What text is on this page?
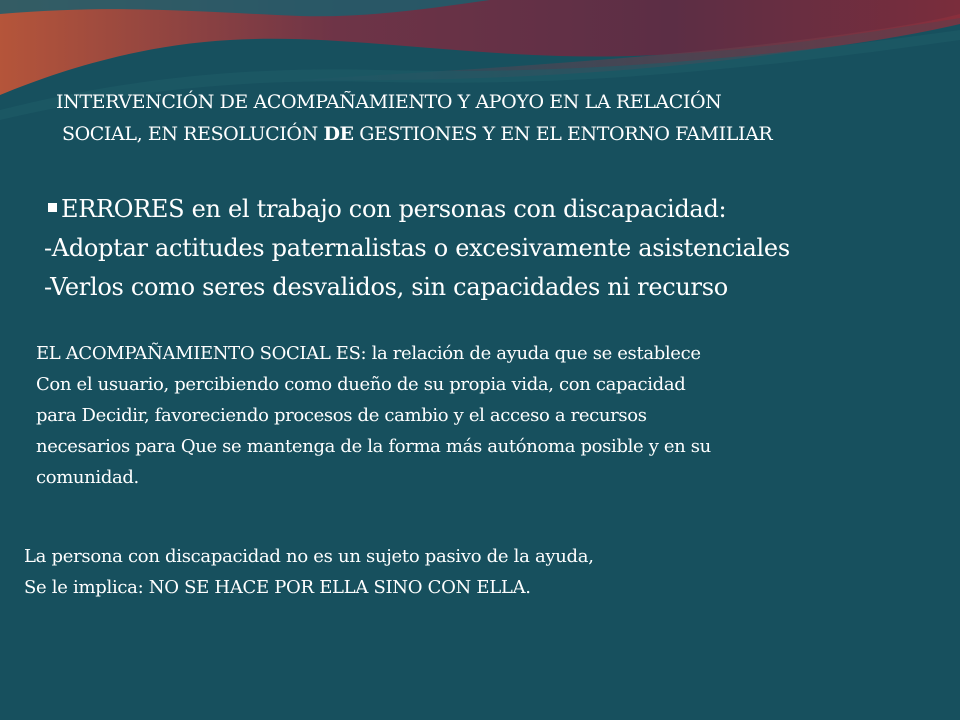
INTERVENCIÓN DE ACOMPAÑAMIENTO Y APOYO EN LA RELACIÓN
SOCIAL, EN RESOLUCIÓN DE GESTIONES Y EN EL ENTORNO FAMILIAR
ERRORES en el trabajo con personas con discapacidad:
-Adoptar actitudes paternalistas o excesivamente asistenciales
-Verlos como seres desvalidos, sin capacidades ni recurso
EL ACOMPAÑAMIENTO SOCIAL ES: la relación de ayuda que se establece
Con el usuario, percibiendo como dueño de su propia vida, con capacidad
para Decidir, favoreciendo procesos de cambio y el acceso a recursos
necesarios para Que se mantenga de la forma más autónoma posible y en su
comunidad.
La persona con discapacidad no es un sujeto pasivo de la ayuda,
Se le implica: NO SE HACE POR ELLA SINO CON ELLA.
